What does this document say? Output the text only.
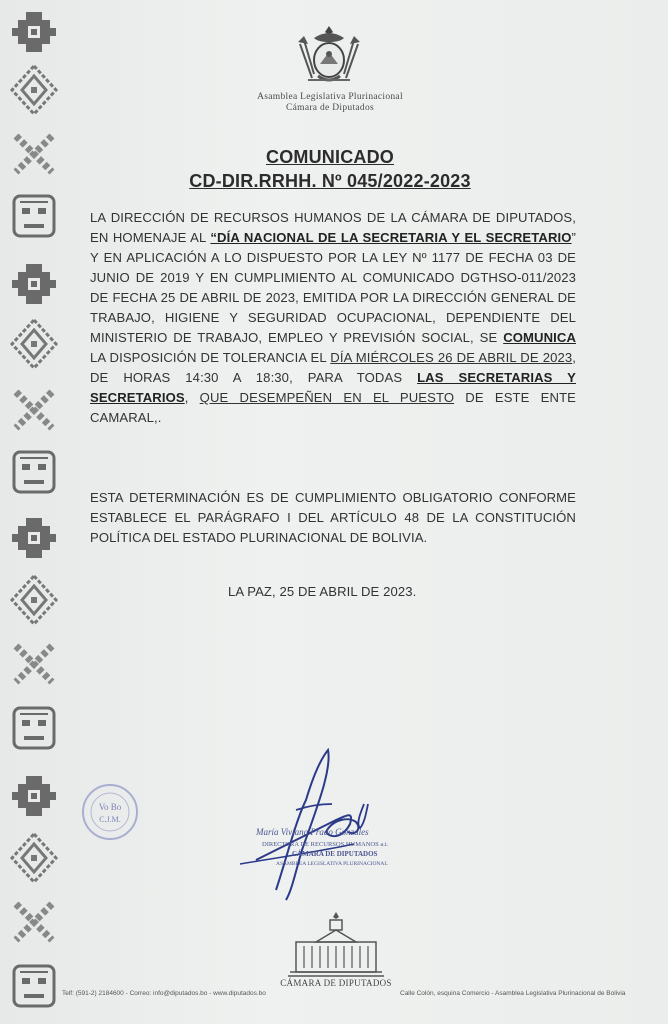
Asamblea Legislativa Plurinacional
Cámara de Diputados
COMUNICADO
CD-DIR.RRHH. Nº 045/2022-2023
LA DIRECCIÓN DE RECURSOS HUMANOS DE LA CÁMARA DE DIPUTADOS, EN HOMENAJE AL “DÍA NACIONAL DE LA SECRETARIA Y EL SECRETARIO” Y EN APLICACIÓN A LO DISPUESTO POR LA LEY Nº 1177 DE FECHA 03 DE JUNIO DE 2019 Y EN CUMPLIMIENTO AL COMUNICADO DGTHSO-011/2023 DE FECHA 25 DE ABRIL DE 2023, EMITIDA POR LA DIRECCIÓN GENERAL DE TRABAJO, HIGIENE Y SEGURIDAD OCUPACIONAL, DEPENDIENTE DEL MINISTERIO DE TRABAJO, EMPLEO Y PREVISIÓN SOCIAL, SE COMUNICA LA DISPOSICIÓN DE TOLERANCIA EL DÍA MIÉRCOLES 26 DE ABRIL DE 2023, DE HORAS 14:30 A 18:30, PARA TODAS LAS SECRETARIAS Y SECRETARIOS, QUE DESEMPEÑEN EN EL PUESTO DE ESTE ENTE CAMARAL,.
ESTA DETERMINACIÓN ES DE CUMPLIMIENTO OBLIGATORIO CONFORME ESTABLECE EL PARÁGRAFO I DEL ARTÍCULO 48 DE LA CONSTITUCIÓN POLÍTICA DEL ESTADO PLURINACIONAL DE BOLIVIA.
LA PAZ, 25 DE ABRIL DE 2023.
Vo Bo
C.J.M.
María Viviana Prado Gonzales
DIRECTORA DE RECURSOS HUMANOS a.i.
CÁMARA DE DIPUTADOS
ASAMBLEA LEGISLATIVA PLURINACIONAL
CÁMARA DE DIPUTADOS
Telf: (591-2) 2184600 - Correo: info@diputados.bo - www.diputados.bo	Calle Colón, esquina Comercio - Asamblea Legislativa Plurinacional de Bolivia
